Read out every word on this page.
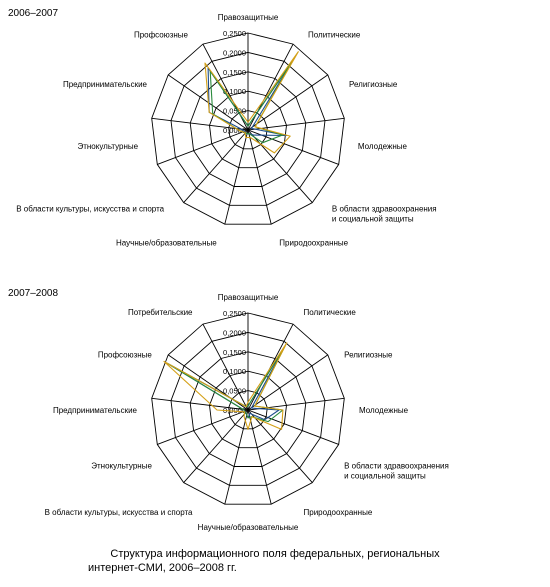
2006–2007
0,2500
0,2000
0,1500
0,1000
0,0500
0,0000
Правозащитные
Политические
Религиозные
Молодежные
В области здравоохранения
и социальной защиты
Природоохранные
Научные/образовательные
В области культуры, искусства и спорта
Этнокультурные
Предпринимательские
Профсоюзные
2007–2008
0,2500
0,2000
0,1500
0,1000
0,0500
0,0000
Правозащитные
Политические
Религиозные
Молодежные
В области здравоохранения
и социальной защиты
Природоохранные
Научные/образовательные
В области культуры, искусства и спорта
Этнокультурные
Предпринимательские
Профсоюзные
Потребительские
Структура информационного поля федеральных, региональных
интернет-СМИ, 2006–2008 гг.
